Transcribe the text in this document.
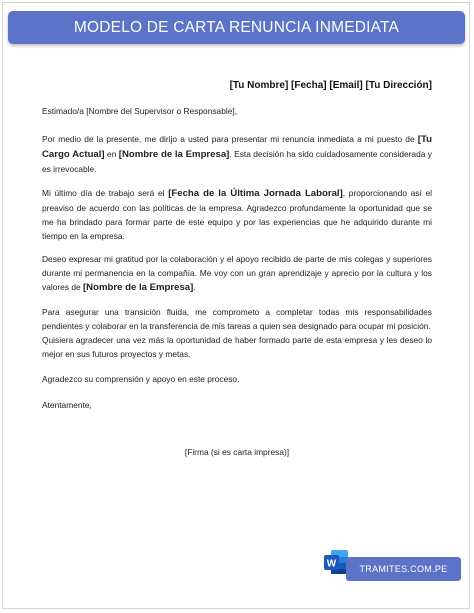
MODELO DE CARTA RENUNCIA INMEDIATA
[Tu Nombre] [Fecha] [Email] [Tu Dirección]

Estimado/a [Nombre del Supervisor o Responsable],

Por medio de la presente, me dirijo a usted para presentar mi renuncia inmediata a mi puesto de [Tu Cargo Actual] en [Nombre de la Empresa]. Esta decisión ha sido cuidadosamente considerada y es irrevocable.
Mi último día de trabajo será el [Fecha de la Última Jornada Laboral], proporcionando así el preaviso de acuerdo con las políticas de la empresa. Agradezco profundamente la oportunidad que se me ha brindado para formar parte de este equipo y por las experiencias que he adquirido durante mi tiempo en la empresa.
Deseo expresar mi gratitud por la colaboración y el apoyo recibido de parte de mis colegas y superiores durante mi permanencia en la compañía. Me voy con un gran aprendizaje y aprecio por la cultura y los valores de [Nombre de la Empresa].

Para asegurar una transición fluida, me comprometo a completar todas mis responsabilidades pendientes y colaborar en la transferencia de mis tareas a quien sea designado para ocupar mi posición.

Quisiera agradecer una vez más la oportunidad de haber formado parte de esta empresa y les deseo lo mejor en sus futuros proyectos y metas.

Agradezco su comprensión y apoyo en este proceso.

Atentamente,

[Firma (si es carta impresa)]
W	TRAMITES.COM.PE
